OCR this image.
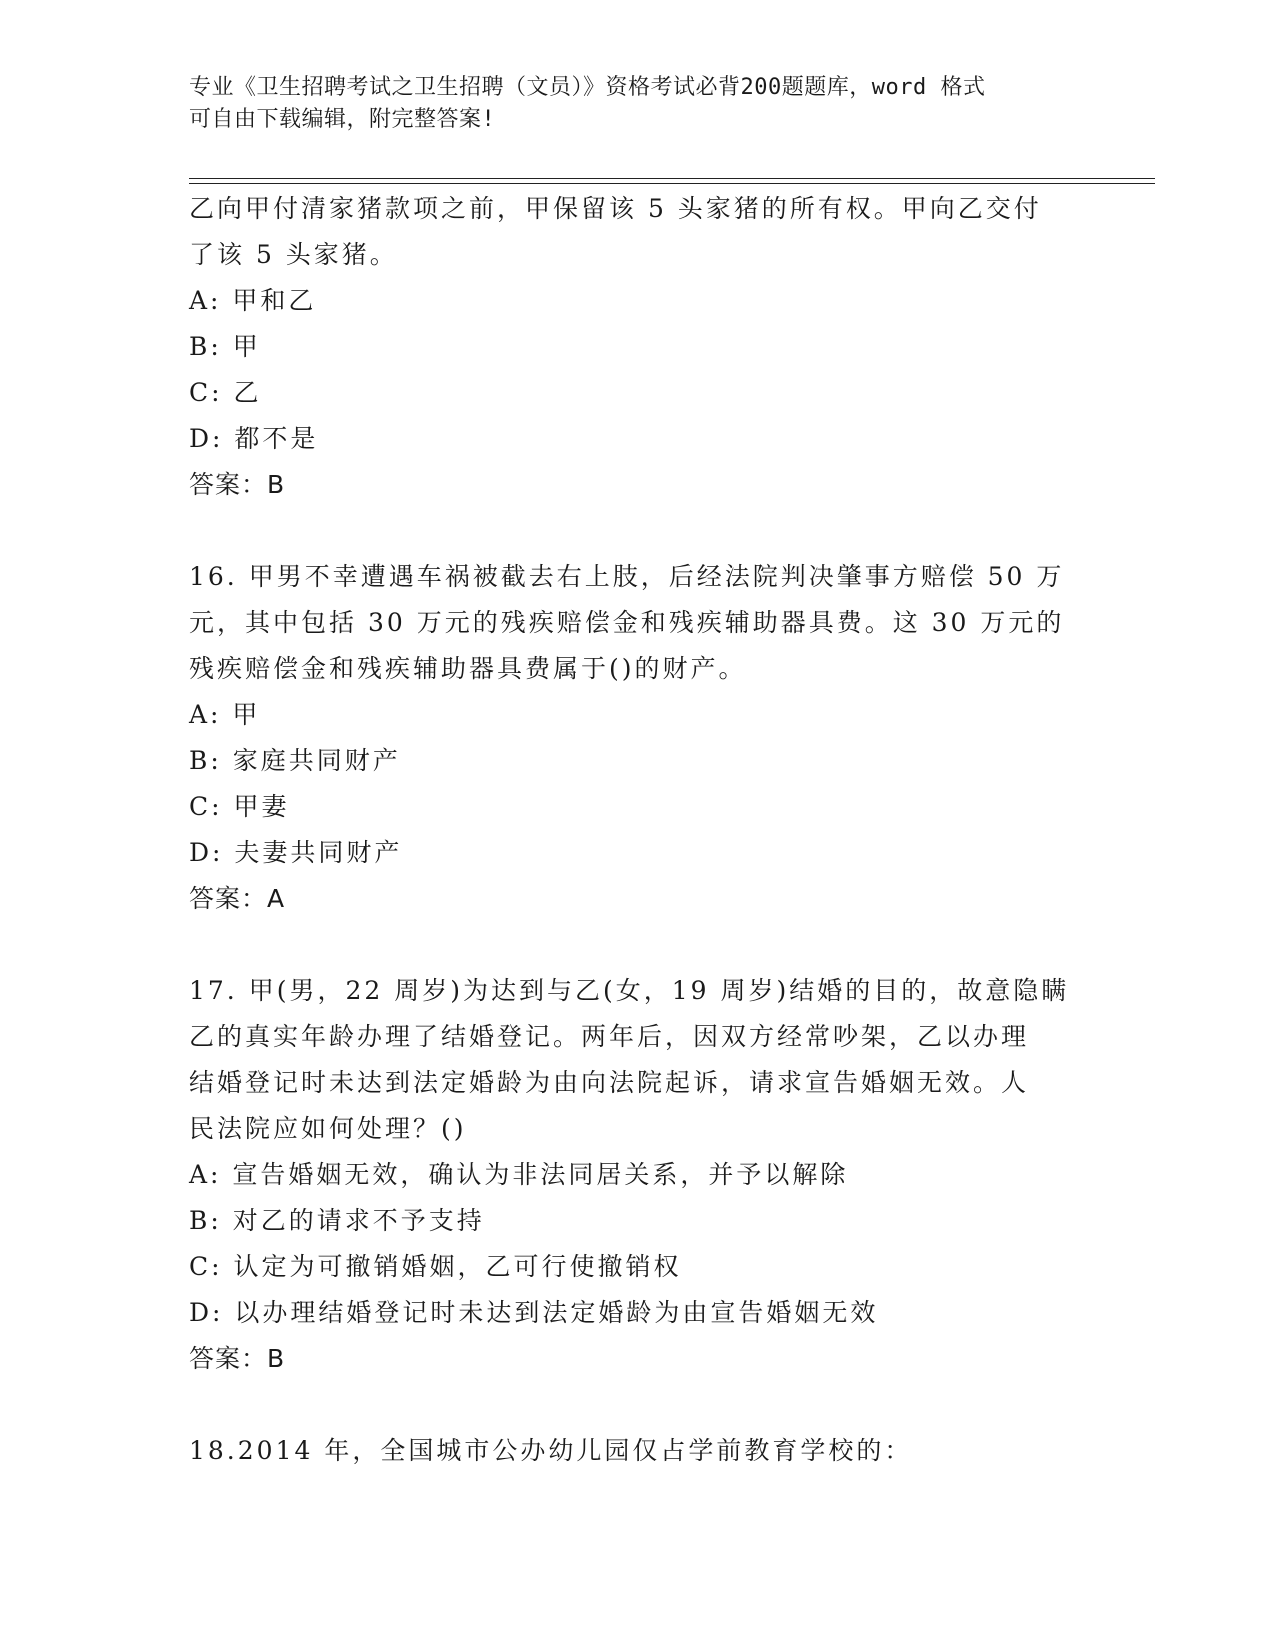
专业《卫生招聘考试之卫生招聘（文员）》资格考试必背200题题库，word 格式
可自由下载编辑，附完整答案!
乙向甲付清家猪款项之前，甲保留该 5 头家猪的所有权。甲向乙交付
了该 5 头家猪。
A: 甲和乙
B: 甲
C: 乙
D: 都不是
答案：B
16. 甲男不幸遭遇车祸被截去右上肢，后经法院判决肇事方赔偿 50 万
元，其中包括 30 万元的残疾赔偿金和残疾辅助器具费。这 30 万元的
残疾赔偿金和残疾辅助器具费属于()的财产。
A: 甲
B: 家庭共同财产
C: 甲妻
D: 夫妻共同财产
答案：A
17. 甲(男，22 周岁)为达到与乙(女，19 周岁)结婚的目的，故意隐瞒
乙的真实年龄办理了结婚登记。两年后，因双方经常吵架，乙以办理
结婚登记时未达到法定婚龄为由向法院起诉，请求宣告婚姻无效。人
民法院应如何处理？()
A: 宣告婚姻无效，确认为非法同居关系，并予以解除
B: 对乙的请求不予支持
C: 认定为可撤销婚姻，乙可行使撤销权
D: 以办理结婚登记时未达到法定婚龄为由宣告婚姻无效
答案：B
18.2014 年，全国城市公办幼儿园仅占学前教育学校的：
